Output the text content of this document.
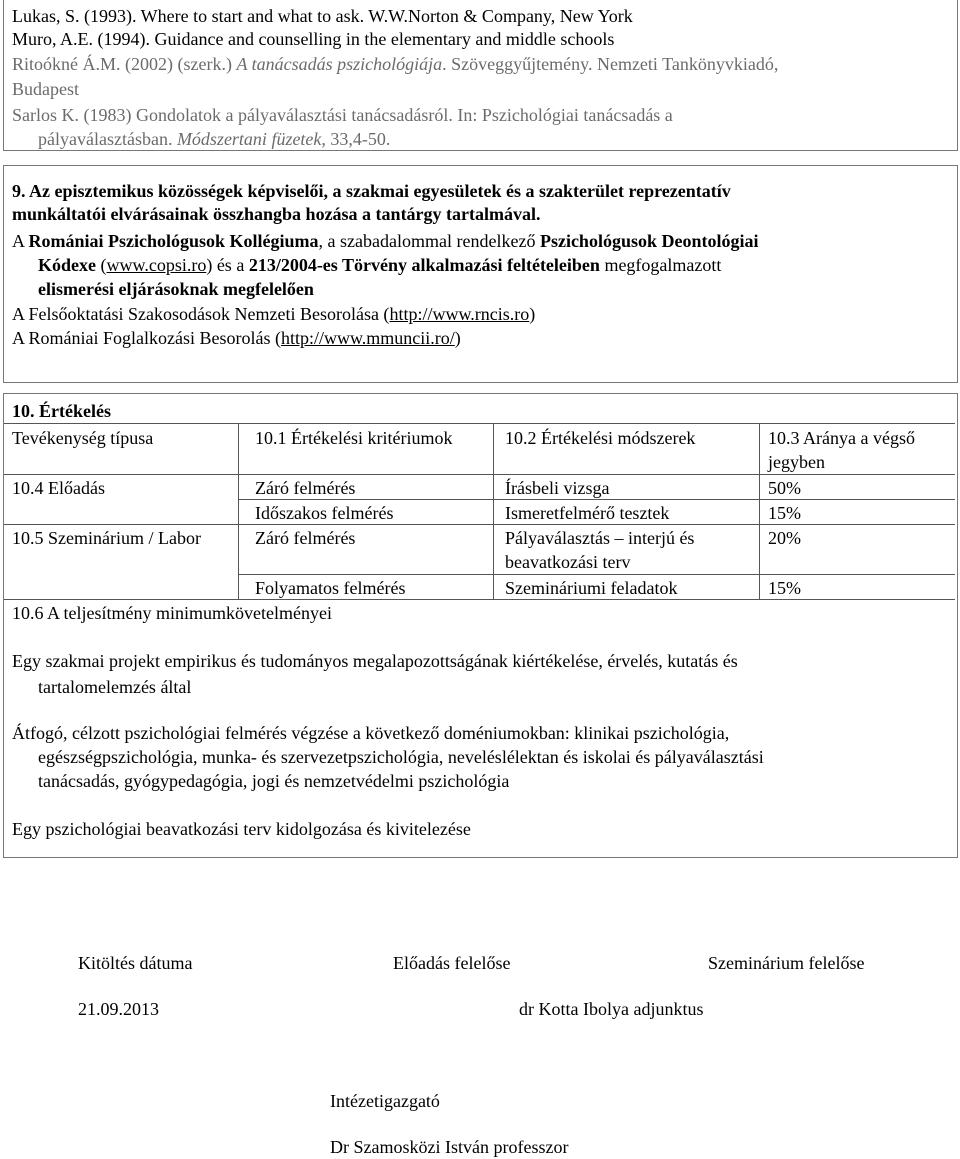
Lukas, S. (1993). Where to start and what to ask. W.W.Norton & Company, New York
Muro, A.E. (1994). Guidance and counselling in the elementary and middle schools
Ritoókné Á.M. (2002) (szerk.) A tanácsadás pszichológiája. Szöveggyűjtemény. Nemzeti Tankönyvkiadó,
Budapest
Sarlos K. (1983) Gondolatok a pályaválasztási tanácsadásról. In: Pszichológiai tanácsadás a
pályaválasztásban. Módszertani füzetek, 33,4-50.
9. Az episztemikus közösségek képviselői, a szakmai egyesületek és a szakterület reprezentatív
munkáltatói elvárásainak összhangba hozása a tantárgy tartalmával.
A Romániai Pszichológusok Kollégiuma, a szabadalommal rendelkező Pszichológusok Deontológiai
Kódexe (www.copsi.ro) és a 213/2004-es Törvény alkalmazási feltételeiben megfogalmazott
elismerési eljárásoknak megfelelően
A Felsőoktatási Szakosodások Nemzeti Besorolása (http://www.rncis.ro)
A Romániai Foglalkozási Besorolás (http://www.mmuncii.ro/)
10. Értékelés
Tevékenység típusa	10.1 Értékelési kritériumok	10.2 Értékelési módszerek	10.3 Aránya a végső
jegyben
10.4 Előadás	Záró felmérés	Írásbeli vizsga	50%
Időszakos felmérés	Ismeretfelmérő tesztek	15%
10.5 Szeminárium / Labor	Záró felmérés	Pályaválasztás – interjú és
beavatkozási terv
20%
Folyamatos felmérés	Szemináriumi feladatok	15%
10.6 A teljesítmény minimumkövetelményei
Egy szakmai projekt empirikus és tudományos megalapozottságának kiértékelése, érvelés, kutatás és
tartalomelemzés által
Átfogó, célzott pszichológiai felmérés végzése a következő doméniumokban: klinikai pszichológia,
egészségpszichológia, munka- és szervezetpszichológia, neveléslélektan és iskolai és pályaválasztási
tanácsadás, gyógypedagógia, jogi és nemzetvédelmi pszichológia
Egy pszichológiai beavatkozási terv kidolgozása és kivitelezése
Kitöltés dátuma	Előadás felelőse	Szeminárium felelőse
21.09.2013	dr Kotta Ibolya adjunktus
Intézetigazgató
Dr Szamosközi István professzor
